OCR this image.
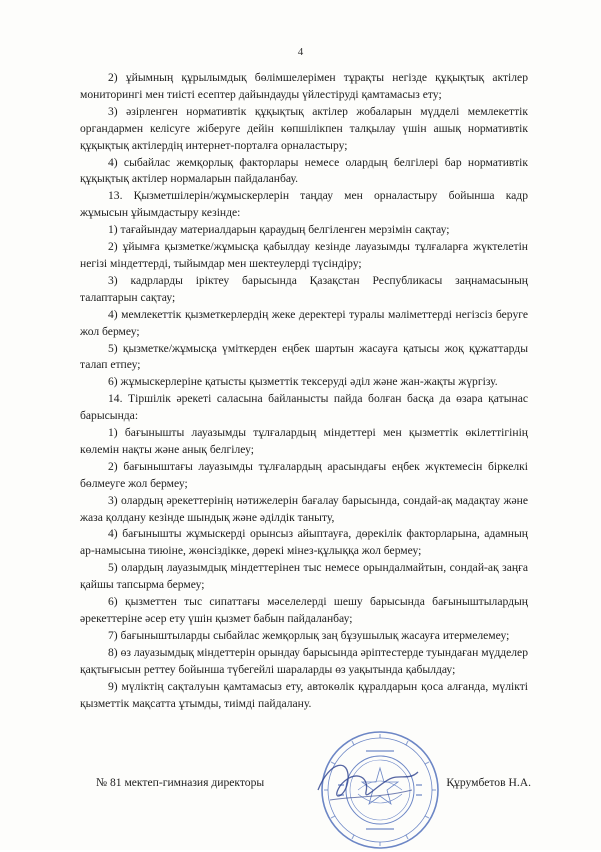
4

2) ұйымның құрылымдық бөлімшелерімен тұрақты негізде құқықтық актілер мониторингі мен тиісті есептер дайындауды үйлестіруді қамтамасыз ету;

3) әзірленген нормативтік құқықтық актілер жобаларын мүдделі мемлекеттік органдармен келісуге жіберуге дейін көпшілікпен талқылау үшін ашық нормативтік құқықтық актілердің интернет-порталға орналастыру;

4) сыбайлас жемқорлық факторлары немесе олардың белгілері бар нормативтік құқықтық актілер нормаларын пайдаланбау.

13. Қызметшілерін/жұмыскерлерін таңдау мен орналастыру бойынша кадр жұмысын ұйымдастыру кезінде:

1) тағайындау материалдарын қараудың белгіленген мерзімін сақтау;

2) ұйымға қызметке/жұмысқа қабылдау кезінде лауазымды тұлғаларға жүктелетін негізі міндеттерді, тыйымдар мен шектеулерді түсіндіру;

3) кадрларды іріктеу барысында Қазақстан Республикасы заңнамасының талаптарын сақтау;

4) мемлекеттік қызметкерлердің жеке деректері туралы мәліметтерді негізсіз беруге жол бермеу;

5) қызметке/жұмысқа үміткерден еңбек шартын жасауға қатысы жоқ құжаттарды талап етпеу;

6) жұмыскерлеріне қатысты қызметтік тексеруді әділ және жан-жақты жүргізу.

14. Тіршілік әрекеті саласына байланысты пайда болған басқа да өзара қатынас барысында:

1) бағынышты лауазымды тұлғалардың міндеттері мен қызметтік өкілеттігінің көлемін нақты және анық белгілеу;

2) бағыныштағы лауазымды тұлғалардың арасындағы еңбек жүктемесін біркелкі бөлмеуге жол бермеу;

3) олардың әрекеттерінің нәтижелерін бағалау барысында, сондай-ақ мадақтау және жаза қолдану кезінде шындық және әділдік таныту,

4) бағынышты жұмыскерді орынсыз айыптауға, дөрекілік факторларына, адамның ар-намысына тиюіне, жөнсіздікке, дөрекі мінез-құлыққа жол бермеу;

5) олардың лауазымдық міндеттерінен тыс немесе орындалмайтын, сондай-ақ заңға қайшы тапсырма бермеу;

6) қызметтен тыс сипаттағы мәселелерді шешу барысында бағыныштылардың әрекеттеріне әсер ету үшін қызмет бабын пайдаланбау;

7) бағыныштыларды сыбайлас жемқорлық заң бұзушылық жасауға итермелемеу;

8) өз лауазымдық міндеттерін орындау барысында әріптестерде туындаған мүдделер қақтығысын реттеу бойынша түбегейлі шараларды өз уақытында қабылдау;

9) мүліктің сақталуын қамтамасыз ету, автокөлік құралдарын қоса алғанда, мүлікті қызметтік мақсатта ұтымды, тиімді пайдалану.

№ 81 мектеп-гимназия директоры	Құрумбетов Н.А.
